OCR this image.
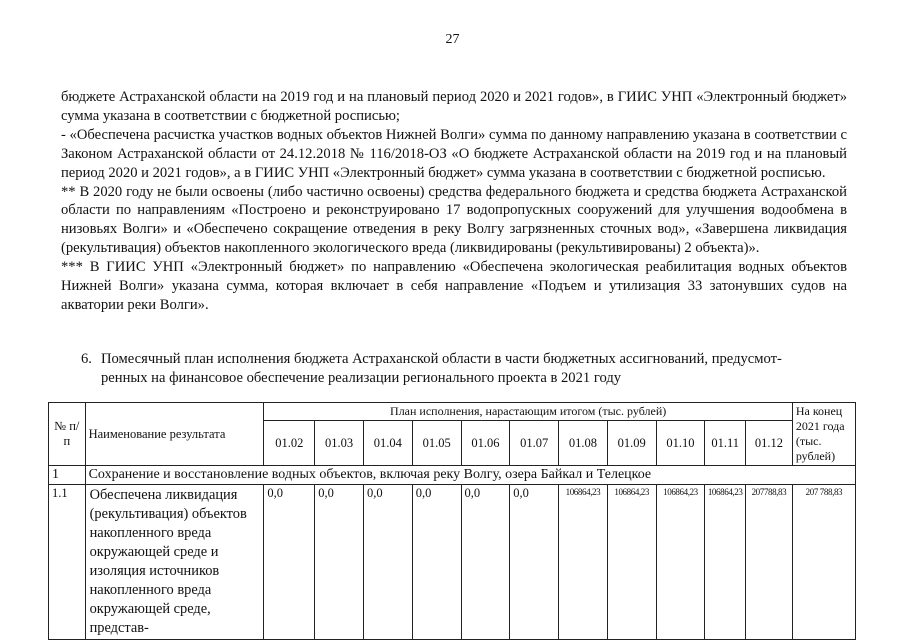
27

бюджете Астраханской области на 2019 год и на плановый период 2020 и 2021 годов», в ГИИС УНП «Электронный бюджет» сумма указана в соответствии с бюджетной росписью;

- «Обеспечена расчистка участков водных объектов Нижней Волги» сумма по данному направлению указана в соответствии с Законом Астраханской области от 24.12.2018 № 116/2018-ОЗ «О бюджете Астраханской области на 2019 год и на плановый период 2020 и 2021 годов», а в ГИИС УНП «Электронный бюджет» сумма указана в соответствии с бюджетной росписью.

** В 2020 году не были освоены (либо частично освоены) средства федерального бюджета и средства бюджета Астраханской области по направлениям «Построено и реконструировано 17 водопропускных сооружений для улучшения водообмена в низовьях Волги» и «Обеспечено сокращение отведения в реку Волгу загрязненных сточных вод», «Завершена ликвидация (рекультивация) объектов накопленного экологического вреда (ликвидированы (рекультивированы) 2 объекта)».

*** В ГИИС УНП «Электронный бюджет» по направлению «Обеспечена экологическая реабилитация водных объектов Нижней Волги» указана сумма, которая включает в себя направление «Подъем и утилизация 33 затонувших судов на акватории реки Волги».

6. Помесячный план исполнения бюджета Астраханской области в части бюджетных ассигнований, предусмот-
ренных на финансовое обеспечение реализации регионального проекта в 2021 году
№ п/п	Наименование результата	План исполнения, нарастающим итогом (тыс. рублей)											На конец 2021 года (тыс. рублей)
		01.02	01.03	01.04	01.05	01.06	01.07	01.08	01.09	01.10	01.11	01.12	
1	Сохранение и восстановление водных объектов, включая реку Волгу, озера Байкал и Телецкое												
1.1	Обеспечена ликвидация (рекультивация) объектов накопленного вреда окружающей среде и изоляция источников накопленного вреда окружающей среде, представ-	0,0	0,0	0,0	0,0	0,0	0,0	106864,23	106864,23	106864,23	106864,23	207788,83	207 788,83
